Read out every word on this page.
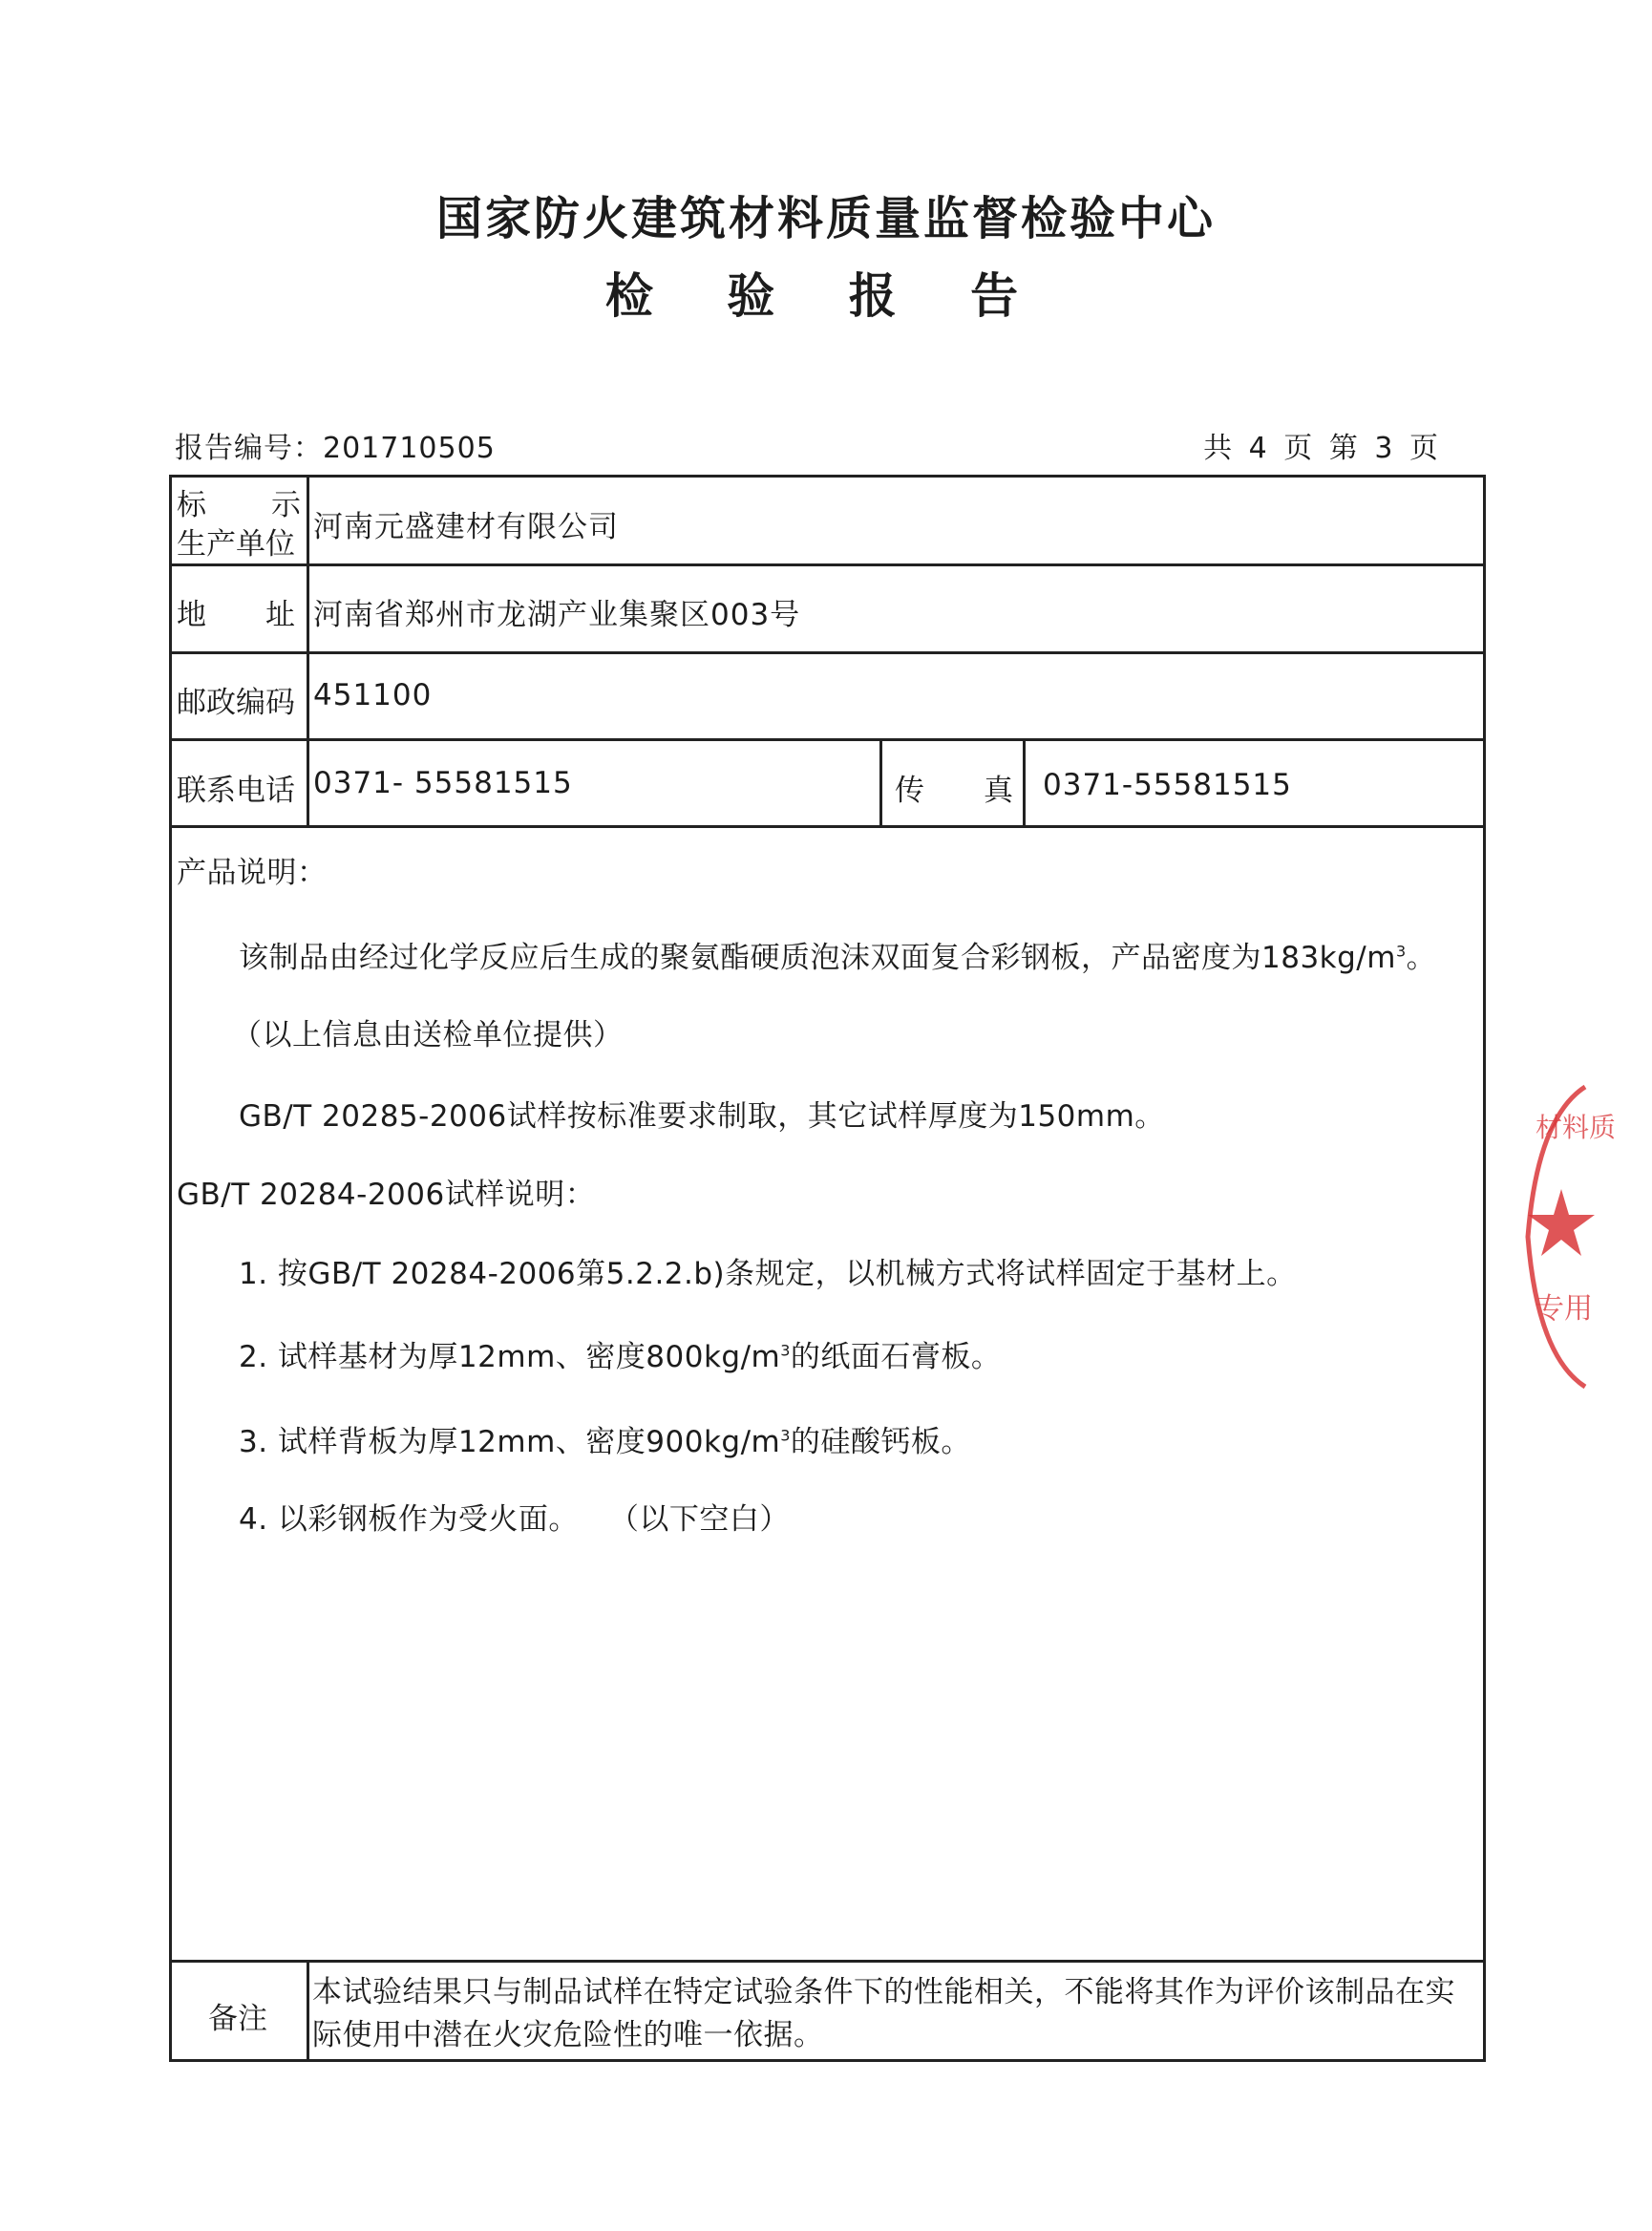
国家防火建筑材料质量监督检验中心
检 验 报 告
报告编号：201710505	共 4 页 第 3 页
标　　示
生产单位 河南元盛建材有限公司
地　　址 河南省郑州市龙湖产业集聚区003号
邮政编码 451100
联系电话 0371- 55581515	传　　真 0371-55581515
产品说明：
该制品由经过化学反应后生成的聚氨酯硬质泡沫双面复合彩钢板，产品密度为$183kg/m^3$。
（以上信息由送检单位提供）
GB/T 20285-2006试样按标准要求制取，其它试样厚度为150mm。
GB/T 20284-2006试样说明：
1. 按GB/T 20284-2006第5.2.2.b)条规定，以机械方式将试样固定于基材上。
2. 试样基材为厚12mm、密度$800kg/m^3$的纸面石膏板。
3. 试样背板为厚12mm、密度$900kg/m^3$的硅酸钙板。
4. 以彩钢板作为受火面。　　（以下空白）
备注
本试验结果只与制品试样在特定试验条件下的性能相关，不能将其作为评价该制品在实际使用中潜在火灾危险性的唯一依据。
材料质
专用
